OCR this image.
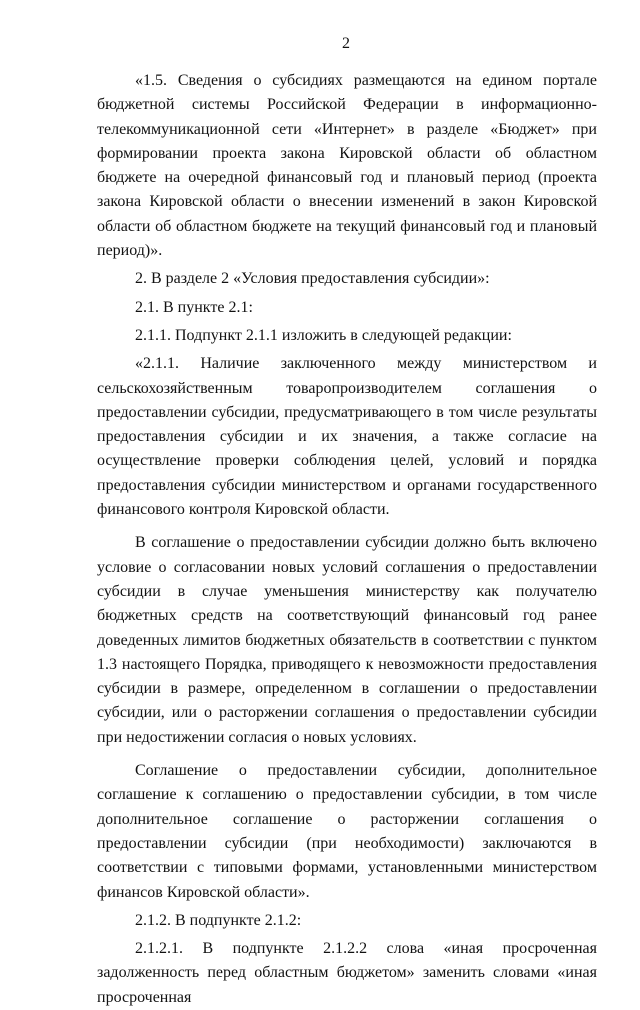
2

«1.5. Сведения о субсидиях размещаются на едином портале бюджетной системы Российской Федерации в информационно-телекоммуникационной сети «Интернет» в разделе «Бюджет» при формировании проекта закона Кировской области об областном бюджете на очередной финансовый год и плановый период (проекта закона Кировской области о внесении изменений в закон Кировской области об областном бюджете на текущий финансовый год и плановый период)».

2. В разделе 2 «Условия предоставления субсидии»:

2.1. В пункте 2.1:

2.1.1. Подпункт 2.1.1 изложить в следующей редакции:

«2.1.1. Наличие заключенного между министерством и сельскохозяйственным товаропроизводителем соглашения о предоставлении субсидии, предусматривающего в том числе результаты предоставления субсидии и их значения, а также согласие на осуществление проверки соблюдения целей, условий и порядка предоставления субсидии министерством и органами государственного финансового контроля Кировской области.

В соглашение о предоставлении субсидии должно быть включено условие о согласовании новых условий соглашения о предоставлении субсидии в случае уменьшения министерству как получателю бюджетных средств на соответствующий финансовый год ранее доведенных лимитов бюджетных обязательств в соответствии с пунктом 1.3 настоящего Порядка, приводящего к невозможности предоставления субсидии в размере, определенном в соглашении о предоставлении субсидии, или о расторжении соглашения о предоставлении субсидии при недостижении согласия о новых условиях.

Соглашение о предоставлении субсидии, дополнительное соглашение к соглашению о предоставлении субсидии, в том числе дополнительное соглашение о расторжении соглашения о предоставлении субсидии (при необходимости) заключаются в соответствии с типовыми формами, установленными министерством финансов Кировской области».

2.1.2. В подпункте 2.1.2:

2.1.2.1. В подпункте 2.1.2.2 слова «иная просроченная задолженность перед областным бюджетом» заменить словами «иная просроченная
